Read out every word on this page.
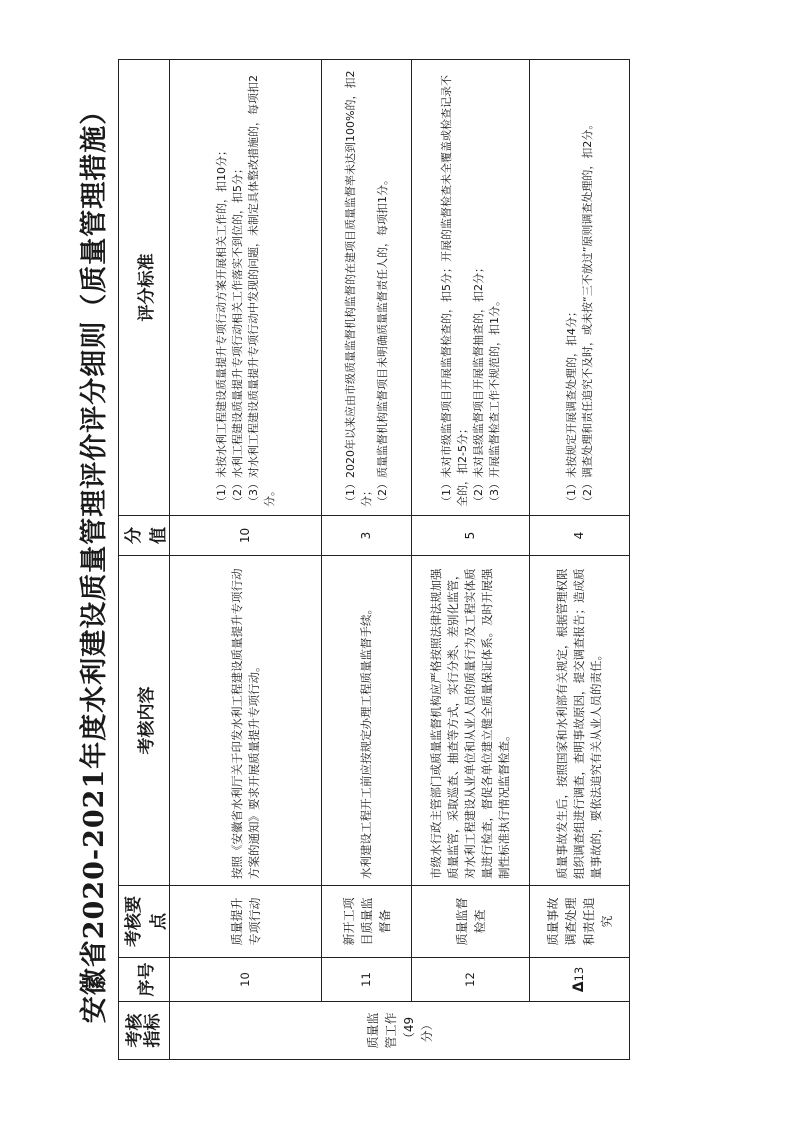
安徽省2020-2021年度水利建设质量管理评价评分细则（质量管理措施）
考核指标	序号	考核要点	考核内容	分值	评分标准
质量监管工作（49分）	10	质量提升专项行动	按照《安徽省水利厅关于印发水利工程建设质量提升专项行动方案的通知》要求开展质量提升专项行动。	10	（1）未按水利工程建设质量提升专项行动方案开展相关工作的，扣10分； （2）水利工程建设质量提升专项行动相关工作落实不到位的，扣5分； （3）对水利工程建设质量提升专项行动中发现的问题，未制定具体整改措施的，每项扣2分。

	11	新开工项目质量监督备	水利建设工程开工前应按规定办理工程质量监督手续。	3	（1）2020年以来应由市级质量监督机构监督的在建项目质量监督率未达到100%的，扣2分； （2）质量监督机构监督项目未明确质量监督责任人的，每项扣1分。

	12	质量监督检查	市级水行政主管部门或质量监督机构应严格按照法律法规加强质量监管，采取巡查、抽查等方式，实行分类、差别化监管，对水利工程建设从业单位和从业人员的质量行为及工程实体质量进行检查，督促各单位建立健全质量保证体系。及时开展强制性标准执行情况监督检查。	5	（1）未对市级监督项目开展监督检查的，扣5分；开展的监督检查未全覆盖或检查记录不全的，扣2-5分； （2）未对县级监督项目开展监督抽查的，扣2分； （3）开展监督检查工作不规范的，扣1分。

	Δ13	质量事故调查处理和责任追究	质量事故发生后，按照国家和水利部有关规定，根据管理权限组织调查组进行调查，查明事故原因，提交调查报告；造成质量事故的，要依法追究有关从业人员的责任。	4	（1）未按规定开展调查处理的，扣4分； （2）调查处理和责任追究不及时，或未按“三不放过”原则调查处理的，扣2分。
